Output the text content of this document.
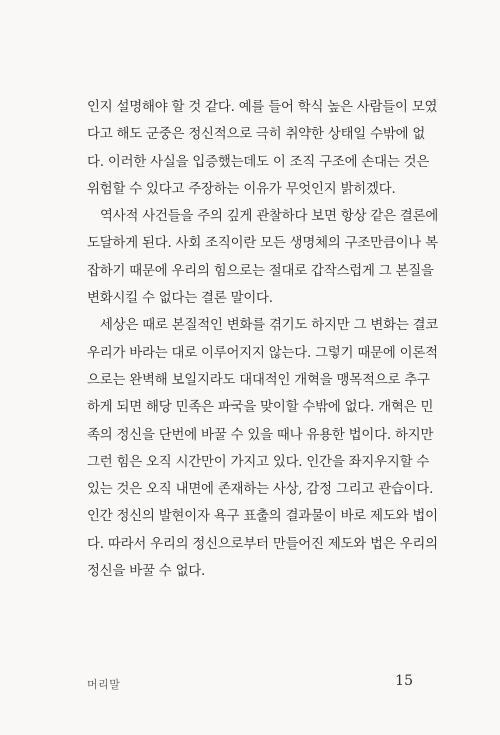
인지 설명해야 할 것 같다. 예를 들어 학식 높은 사람들이 모였
다고 해도 군중은 정신적으로 극히 취약한 상태일 수밖에 없
다. 이러한 사실을 입증했는데도 이 조직 구조에 손대는 것은
위험할 수 있다고 주장하는 이유가 무엇인지 밝히겠다.
역사적 사건들을 주의 깊게 관찰하다 보면 항상 같은 결론에
도달하게 된다. 사회 조직이란 모든 생명체의 구조만큼이나 복
잡하기 때문에 우리의 힘으로는 절대로 갑작스럽게 그 본질을
변화시킬 수 없다는 결론 말이다.
세상은 때로 본질적인 변화를 겪기도 하지만 그 변화는 결코
우리가 바라는 대로 이루어지지 않는다. 그렇기 때문에 이론적
으로는 완벽해 보일지라도 대대적인 개혁을 맹목적으로 추구
하게 되면 해당 민족은 파국을 맞이할 수밖에 없다. 개혁은 민
족의 정신을 단번에 바꿀 수 있을 때나 유용한 법이다. 하지만
그런 힘은 오직 시간만이 가지고 있다. 인간을 좌지우지할 수
있는 것은 오직 내면에 존재하는 사상, 감정 그리고 관습이다.
인간 정신의 발현이자 욕구 표출의 결과물이 바로 제도와 법이
다. 따라서 우리의 정신으로부터 만들어진 제도와 법은 우리의
정신을 바꿀 수 없다.
머리말	15
